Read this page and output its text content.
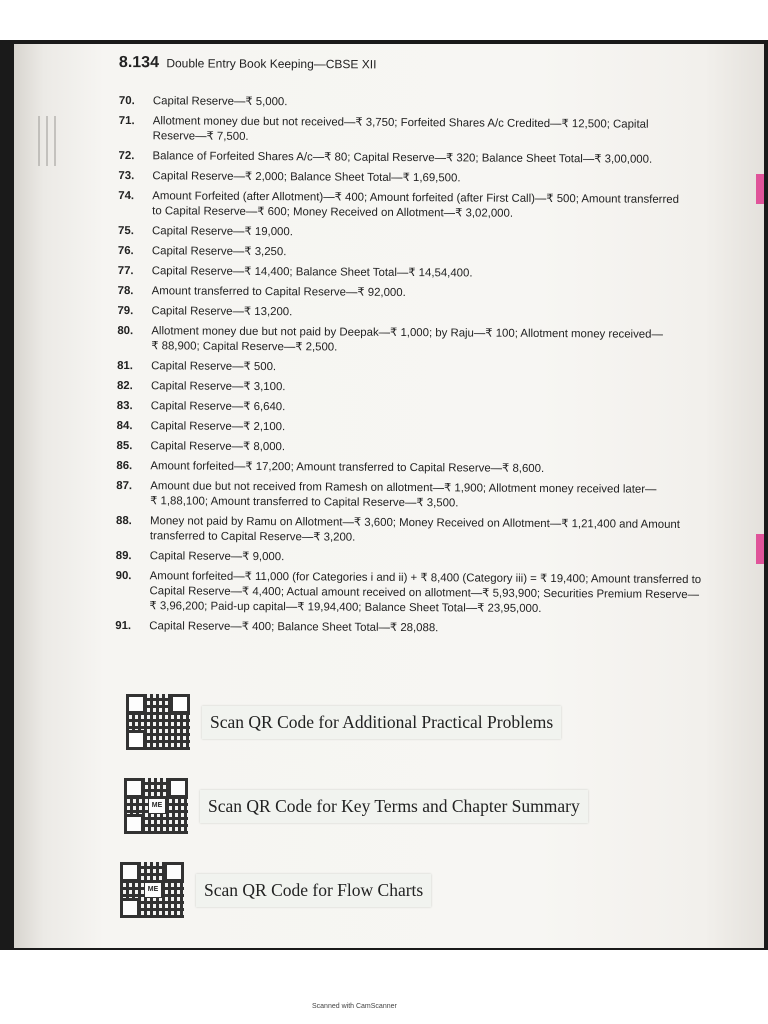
8.134 Double Entry Book Keeping—CBSE XII
70.	Capital Reserve—₹ 5,000.
71.	Allotment money due but not received—₹ 3,750; Forfeited Shares A/c Credited—₹ 12,500; Capital
Reserve—₹ 7,500.
72.	Balance of Forfeited Shares A/c—₹ 80; Capital Reserve—₹ 320; Balance Sheet Total—₹ 3,00,000.
73.	Capital Reserve—₹ 2,000; Balance Sheet Total—₹ 1,69,500.
74.	Amount Forfeited (after Allotment)—₹ 400; Amount forfeited (after First Call)—₹ 500; Amount transferred
to Capital Reserve—₹ 600; Money Received on Allotment—₹ 3,02,000.
75.	Capital Reserve—₹ 19,000.
76.	Capital Reserve—₹ 3,250.
77.	Capital Reserve—₹ 14,400; Balance Sheet Total—₹ 14,54,400.
78.	Amount transferred to Capital Reserve—₹ 92,000.
79.	Capital Reserve—₹ 13,200.
80.	Allotment money due but not paid by Deepak—₹ 1,000; by Raju—₹ 100; Allotment money received—
₹ 88,900; Capital Reserve—₹ 2,500.
81.	Capital Reserve—₹ 500.
82.	Capital Reserve—₹ 3,100.
83.	Capital Reserve—₹ 6,640.
84.	Capital Reserve—₹ 2,100.
85.	Capital Reserve—₹ 8,000.
86.	Amount forfeited—₹ 17,200; Amount transferred to Capital Reserve—₹ 8,600.
87.	Amount due but not received from Ramesh on allotment—₹ 1,900; Allotment money received later—
₹ 1,88,100; Amount transferred to Capital Reserve—₹ 3,500.
88.	Money not paid by Ramu on Allotment—₹ 3,600; Money Received on Allotment—₹ 1,21,400 and Amount
transferred to Capital Reserve—₹ 3,200.
89.	Capital Reserve—₹ 9,000.
90.	Amount forfeited—₹ 11,000 (for Categories i and ii) + ₹ 8,400 (Category iii) = ₹ 19,400; Amount transferred to
Capital Reserve—₹ 4,400; Actual amount received on allotment—₹ 5,93,900; Securities Premium Reserve—
₹ 3,96,200; Paid-up capital—₹ 19,94,400; Balance Sheet Total—₹ 23,95,000.
91.	Capital Reserve—₹ 400; Balance Sheet Total—₹ 28,088.
Scan QR Code for Additional Practical Problems
ME	Scan QR Code for Key Terms and Chapter Summary
ME	Scan QR Code for Flow Charts
Scanned with CamScanner
